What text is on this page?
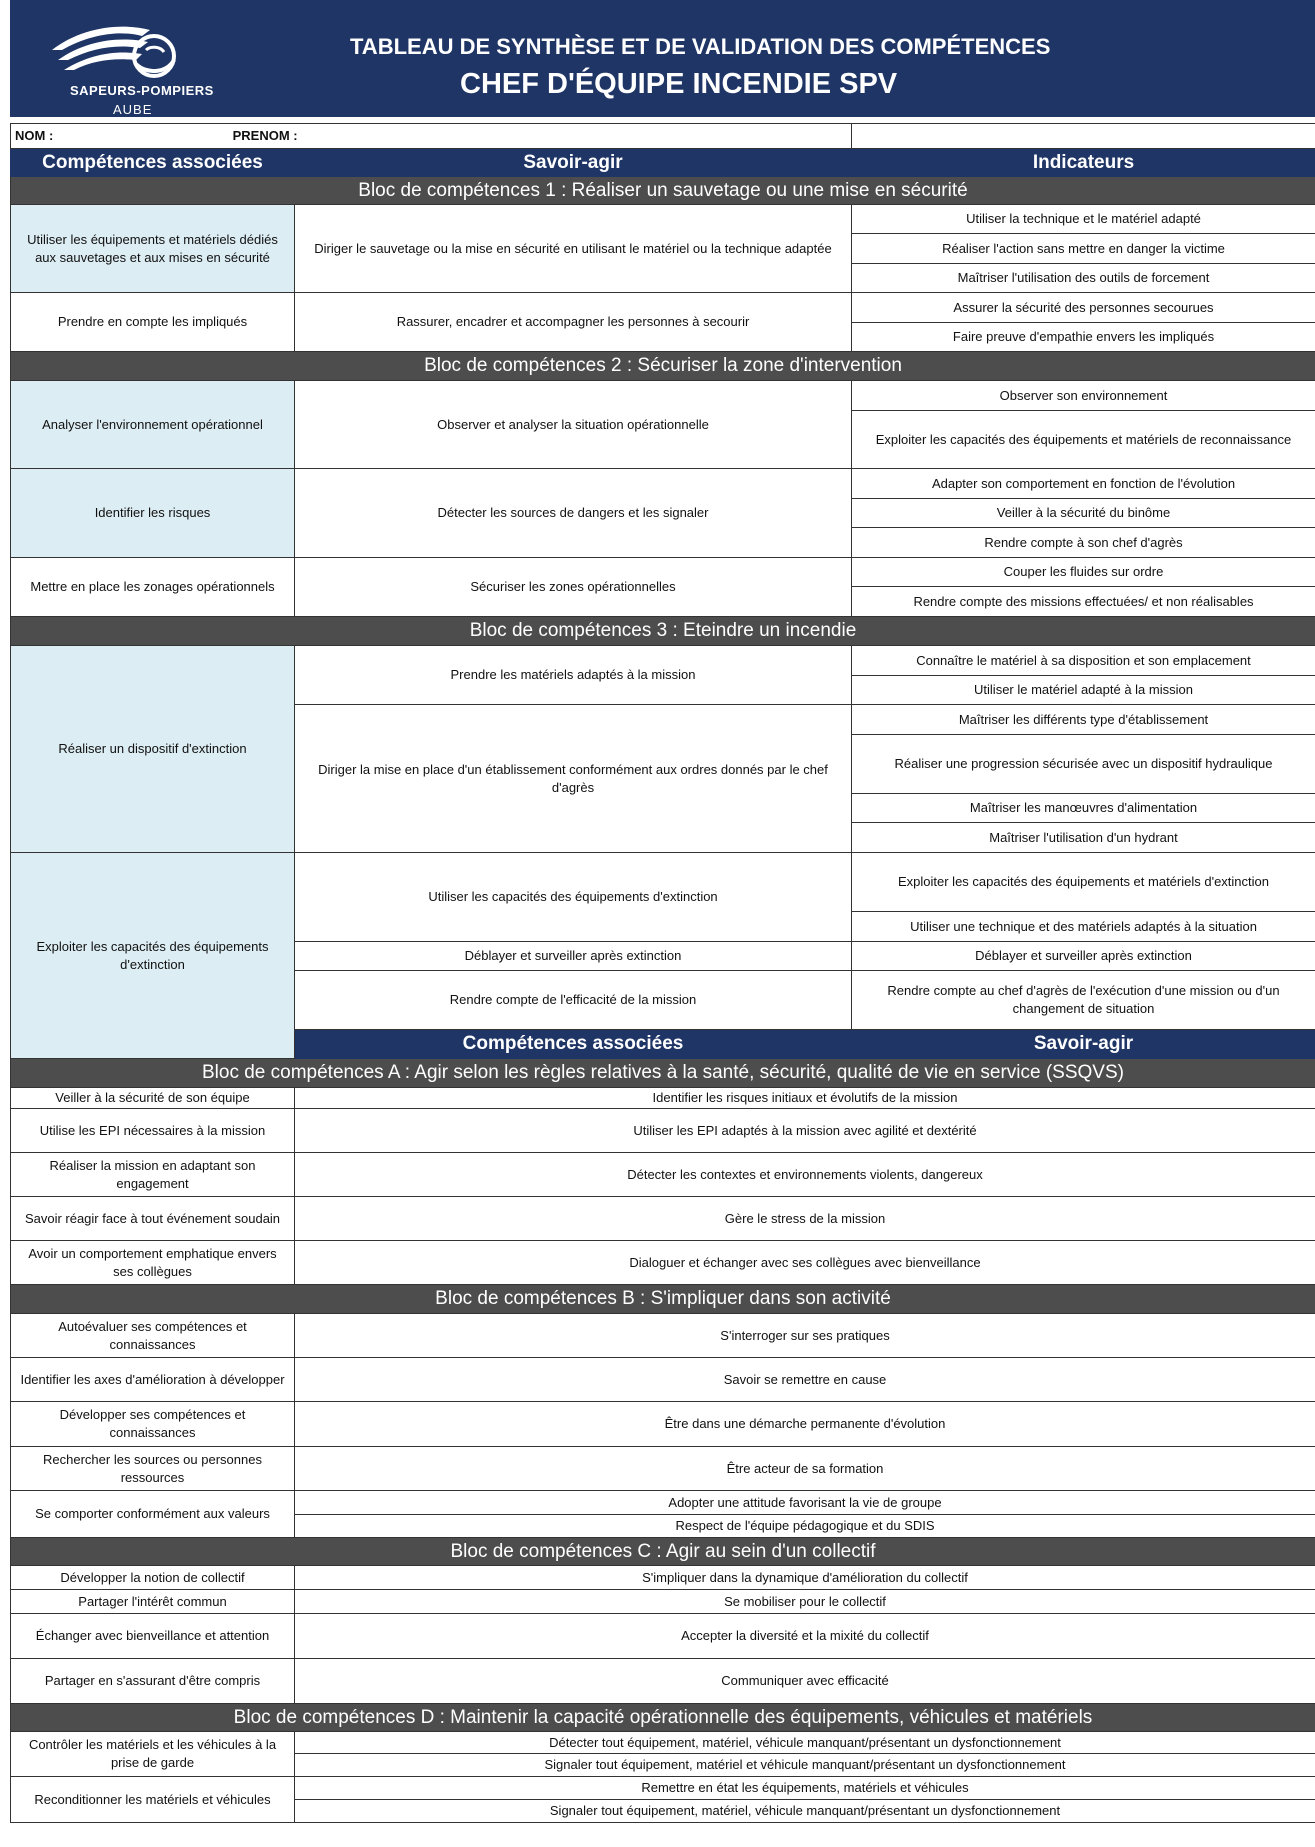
SAPEURS-POMPIERS
AUBE
TABLEAU DE SYNTHÈSE ET DE VALIDATION DES COMPÉTENCES
CHEF D'ÉQUIPE INCENDIE SPV
NOM : PRENOM :		
Compétences associées	Savoir-agir	Indicateurs
Bloc de compétences 1 : Réaliser un sauvetage ou une mise en sécurité		
Utiliser les équipements et matériels dédiés aux sauvetages et aux mises en sécurité	Diriger le sauvetage ou la mise en sécurité en utilisant le matériel ou la technique adaptée	Utiliser la technique et le matériel adapté
		Réaliser l'action sans mettre en danger la victime
		Maîtriser l'utilisation des outils de forcement
Prendre en compte les impliqués	Rassurer, encadrer et accompagner les personnes à secourir	Assurer la sécurité des personnes secourues
		Faire preuve d'empathie envers les impliqués
Bloc de compétences 2 : Sécuriser la zone d'intervention		
Analyser l'environnement opérationnel	Observer et analyser la situation opérationnelle	Observer son environnement
		Exploiter les capacités des équipements et matériels de reconnaissance
Identifier les risques	Détecter les sources de dangers et les signaler	Adapter son comportement en fonction de l'évolution
		Veiller à la sécurité du binôme
		Rendre compte à son chef d'agrès
Mettre en place les zonages opérationnels	Sécuriser les zones opérationnelles	Couper les fluides sur ordre
		Rendre compte des missions effectuées/ et non réalisables
Bloc de compétences 3 : Eteindre un incendie		
Réaliser un dispositif d'extinction	Prendre les matériels adaptés à la mission	Connaître le matériel à sa disposition et son emplacement
		Utiliser le matériel adapté à la mission
	Diriger la mise en place d'un établissement conformément aux ordres donnés par le chef d'agrès	Maîtriser les différents type d'établissement
		Réaliser une progression sécurisée avec un dispositif hydraulique
		Maîtriser les manœuvres d'alimentation
		Maîtriser l'utilisation d'un hydrant
Exploiter les capacités des équipements d'extinction	Utiliser les capacités des équipements d'extinction	Exploiter les capacités des équipements et matériels d'extinction
		Utiliser une technique et des matériels adaptés à la situation
	Déblayer et surveiller après extinction	Déblayer et surveiller après extinction
	Rendre compte de l'efficacité de la mission	Rendre compte au chef d'agrès de l'exécution d'une mission ou d'un changement de situation
	Compétences associées	Savoir-agir
Bloc de compétences A : Agir selon les règles relatives à la santé, sécurité, qualité de vie en service (SSQVS)		
Veiller à la sécurité de son équipe	Identifier les risques initiaux et évolutifs de la mission	
Utilise les EPI nécessaires à la mission	Utiliser les EPI adaptés à la mission avec agilité et dextérité	
Réaliser la mission en adaptant son engagement	Détecter les contextes et environnements violents, dangereux	
Savoir réagir face à tout événement soudain	Gère le stress de la mission	
Avoir un comportement emphatique envers ses collègues	Dialoguer et échanger avec ses collègues avec bienveillance	
Bloc de compétences B : S'impliquer dans son activité		
Autoévaluer ses compétences et connaissances	S'interroger sur ses pratiques	
Identifier les axes d'amélioration à développer	Savoir se remettre en cause	
Développer ses compétences et connaissances	Être dans une démarche permanente d'évolution	
Rechercher les sources ou personnes ressources	Être acteur de sa formation	
Se comporter conformément aux valeurs	Adopter une attitude favorisant la vie de groupe	
	Respect de l'équipe pédagogique et du SDIS	
Bloc de compétences C : Agir au sein d'un collectif		
Développer la notion de collectif	S'impliquer dans la dynamique d'amélioration du collectif	
Partager l'intérêt commun	Se mobiliser pour le collectif	
Échanger avec bienveillance et attention	Accepter la diversité et la mixité du collectif	
Partager en s'assurant d'être compris	Communiquer avec efficacité	
Bloc de compétences D : Maintenir la capacité opérationnelle des équipements, véhicules et matériels		
Contrôler les matériels et les véhicules à la prise de garde	Détecter tout équipement, matériel, véhicule manquant/présentant un dysfonctionnement	
	Signaler tout équipement, matériel et véhicule manquant/présentant un dysfonctionnement	
Reconditionner les matériels et véhicules	Remettre en état les équipements, matériels et véhicules	
	Signaler tout équipement, matériel, véhicule manquant/présentant un dysfonctionnement	
